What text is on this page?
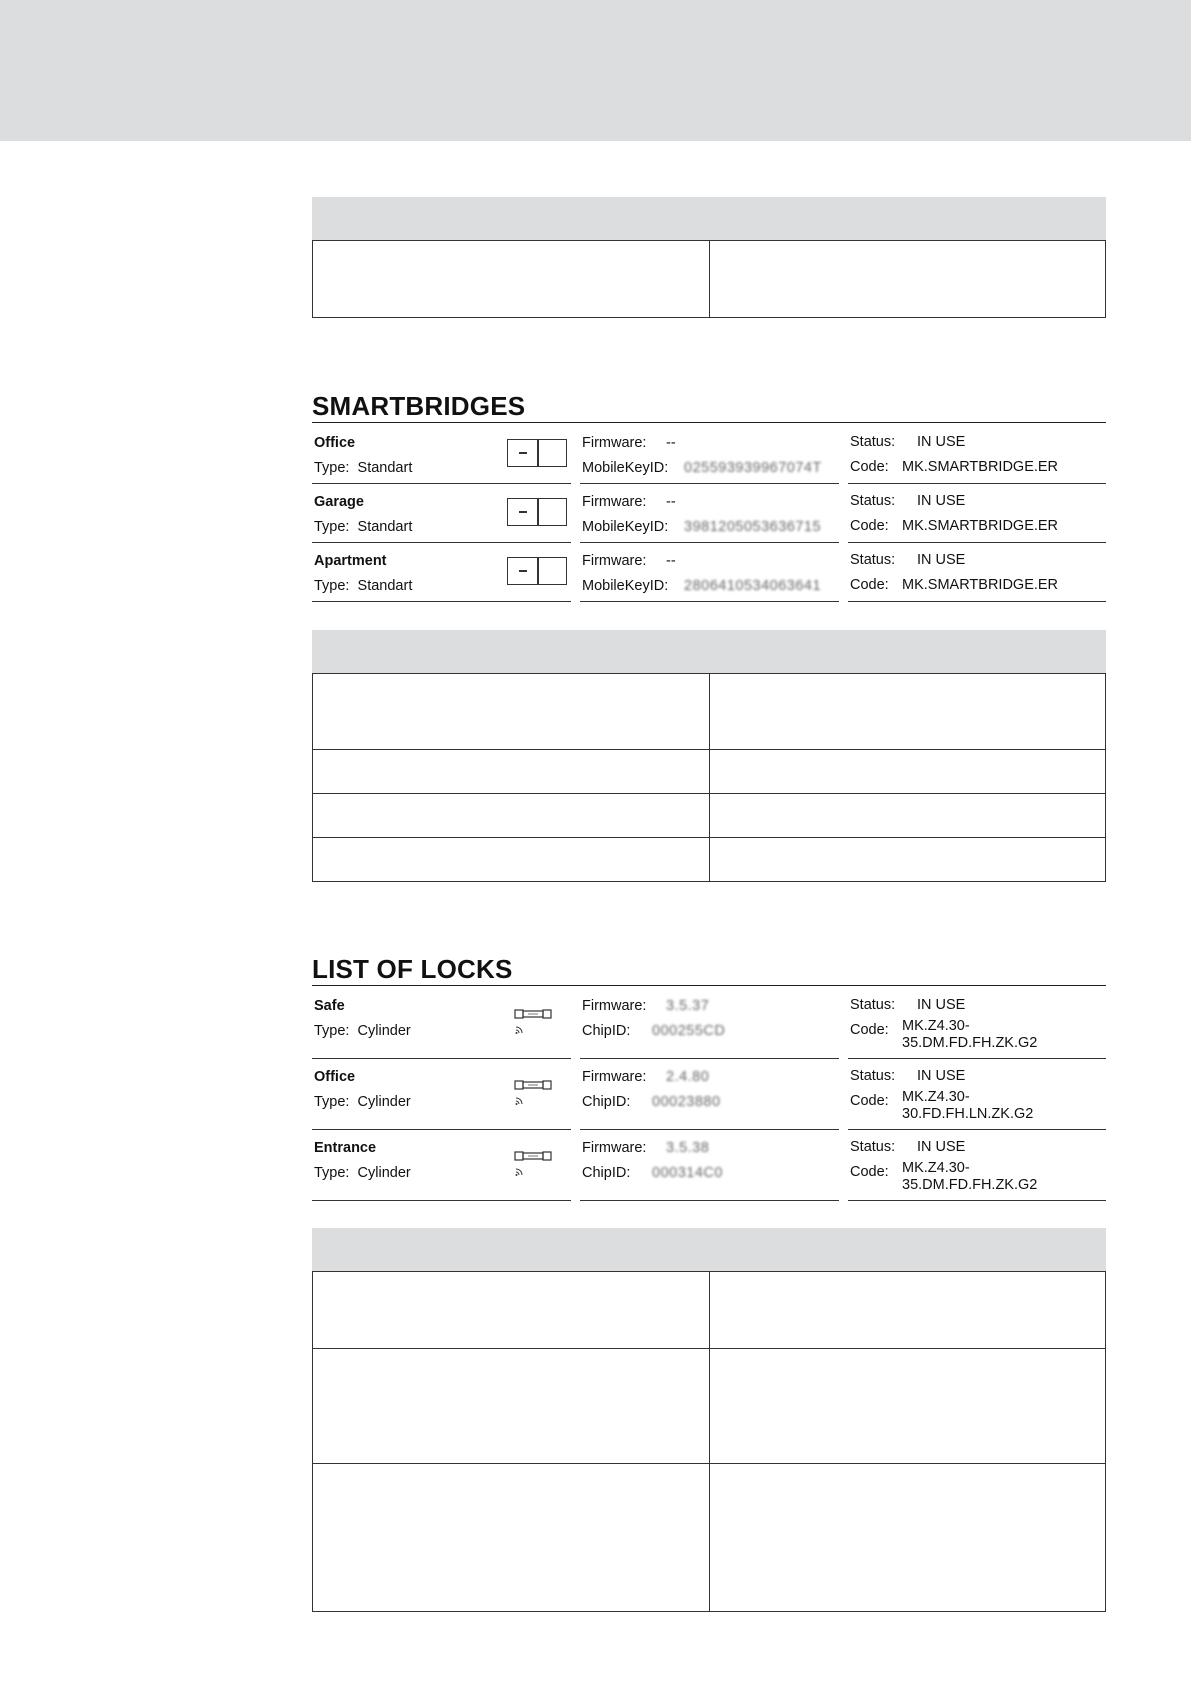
SMARTBRIDGES
Office
Type: Standart
Firmware: --
MobileKeyID: 025593939967074T
Status: IN USE
Code: MK.SMARTBRIDGE.ER
Garage
Type: Standart
Firmware: --
MobileKeyID: 3981205053636715
Status: IN USE
Code: MK.SMARTBRIDGE.ER
Apartment
Type: Standart
Firmware: --
MobileKeyID: 2806410534063641
Status: IN USE
Code: MK.SMARTBRIDGE.ER
LIST OF LOCKS
Safe
Type: Cylinder
Firmware: 3.5.37
ChipID: 000255CD
Status: IN USE
Code: MK.Z4.30-
35.DM.FD.FH.ZK.G2
Office
Type: Cylinder
Firmware: 2.4.80
ChipID: 00023880
Status: IN USE
Code: MK.Z4.30-
30.FD.FH.LN.ZK.G2
Entrance
Type: Cylinder
Firmware: 3.5.38
ChipID: 000314C0
Status: IN USE
Code: MK.Z4.30-
35.DM.FD.FH.ZK.G2
